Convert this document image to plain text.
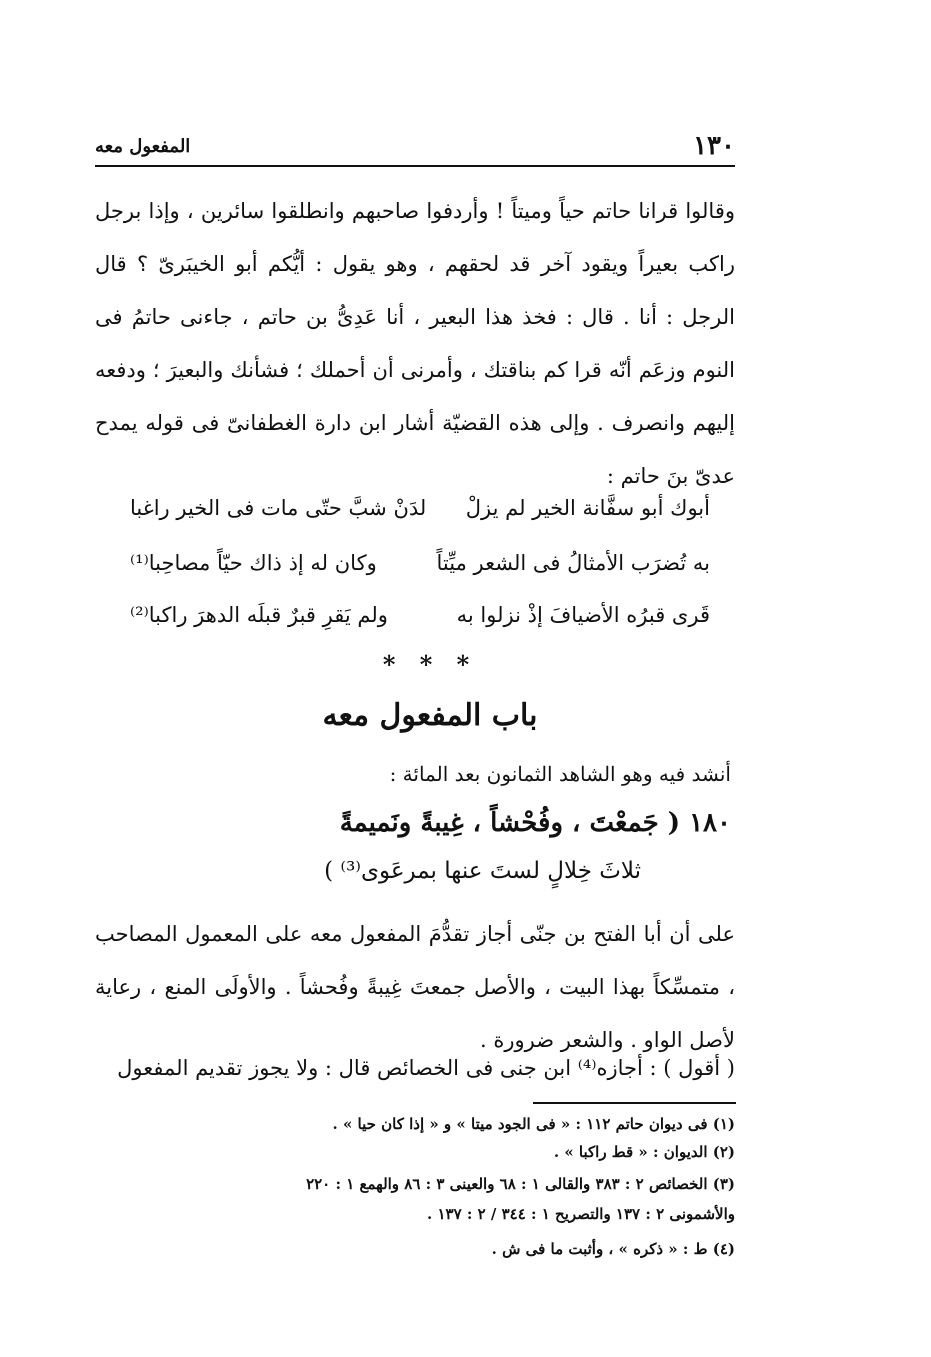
١٣٠
المفعول معه
وقالوا قرانا حاتم حياً وميتاً ! وأردفوا صاحبهم وانطلقوا سائرين ، وإذا برجل راكب بعيراً ويقود آخر قد لحقهم ، وهو يقول : أيُّكم أبو الخيبَرىّ ؟ قال الرجل : أنا . قال : فخذ هذا البعير ، أنا عَدِىُّ بن حاتم ، جاءنى حاتمُ فى النوم وزعَم أنّه قرا كم بناقتك ، وأمرنى أن أحملك ؛ فشأنك والبعيرَ ؛ ودفعه إليهم وانصرف . وإلى هذه القضيّة أشار ابن دارة الغطفانىّ فى قوله يمدح عدىّ بنَ حاتم :
أبوك أبو سفَّانة الخير لم يزلْ
لدَنْ شبَّ حتّى مات فى الخير راغبا
به تُضرَب الأمثالُ فى الشعر ميِّتاً
وكان له إذ ذاك حيّاً مصاحِبا⁽¹⁾
قَرى قبرُه الأضيافَ إذْ نزلوا به
ولم يَقرِ قبرٌ قبلَه الدهرَ راكبا⁽²⁾
* * *
باب المفعول معه
أنشد فيه وهو الشاهد الثمانون بعد المائة :
١٨٠ ( جَمعْتَ ، وفُحْشاً ، غِيبةً ونَميمةً
ثلاثَ خِلالٍ لستَ عنها بمرعَوى⁽³⁾ )
على أن أبا الفتح بن جنّى أجاز تقدُّمَ المفعول معه على المعمول المصاحب ، متمسِّكاً بهذا البيت ، والأصل جمعتَ غِيبةً وفُحشاً . والأولَى المنع ، رعاية لأصل الواو . والشعر ضرورة .
( أقول ) : أجازه⁽⁴⁾ ابن جنى فى الخصائص قال : ولا يجوز تقديم المفعول
(١) فى ديوان حاتم ١١٢ : « فى الجود ميتا » و « إذا كان حيا » .
(٢) الديوان : « قط راكبا » .
(٣) الخصائص ٢ : ٣٨٣ والقالى ١ : ٦٨ والعينى ٣ : ٨٦ والهمع ١ : ٢٢٠
والأشمونى ٢ : ١٣٧ والتصريح ١ : ٣٤٤ / ٢ : ١٣٧ .
(٤) ط : « ذكره » ، وأثبت ما فى ش .
